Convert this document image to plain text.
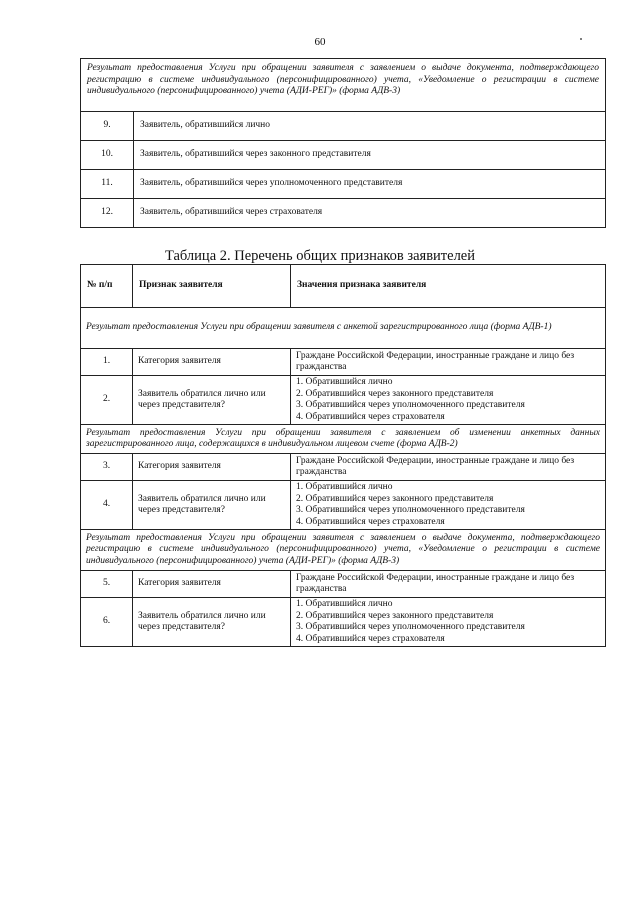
60
Результат предоставления Услуги при обращении заявителя с заявлением о выдаче документа, подтверждающего регистрацию в системе индивидуального (персонифицированного) учета, «Уведомление о регистрации в системе индивидуального (персонифицированного) учета (АДИ-РЕГ)» (форма АДВ-3)	
9.	Заявитель, обратившийся лично
10.	Заявитель, обратившийся через законного представителя
11.	Заявитель, обратившийся через уполномоченного представителя
12.	Заявитель, обратившийся через страхователя
Таблица 2. Перечень общих признаков заявителей
№ п/п	Признак заявителя	Значения признака заявителя
Результат предоставления Услуги при обращении заявителя с анкетой зарегистрированного лица (форма АДВ-1)		
1.	Категория заявителя	Граждане Российской Федерации, иностранные граждане и лицо без гражданства
2.	Заявитель обратился лично или через представителя?	1. Обратившийся лично
2. Обратившийся через законного представителя
3. Обратившийся через уполномоченного представителя
4. Обратившийся через страхователя

Результат предоставления Услуги при обращении заявителя с заявлением об изменении анкетных данных зарегистрированного лица, содержащихся в индивидуальном лицевом счете (форма АДВ-2)		
3.	Категория заявителя	Граждане Российской Федерации, иностранные граждане и лицо без гражданства
4.	Заявитель обратился лично или через представителя?	1. Обратившийся лично
2. Обратившийся через законного представителя
3. Обратившийся через уполномоченного представителя
4. Обратившийся через страхователя

Результат предоставления Услуги при обращении заявителя с заявлением о выдаче документа, подтверждающего регистрацию в системе индивидуального (персонифицированного) учета, «Уведомление о регистрации в системе индивидуального (персонифицированного) учета (АДИ-РЕГ)» (форма АДВ-3)		
5.	Категория заявителя	Граждане Российской Федерации, иностранные граждане и лицо без гражданства
6.	Заявитель обратился лично или через представителя?	1. Обратившийся лично
2. Обратившийся через законного представителя
3. Обратившийся через уполномоченного представителя
4. Обратившийся через страхователя
